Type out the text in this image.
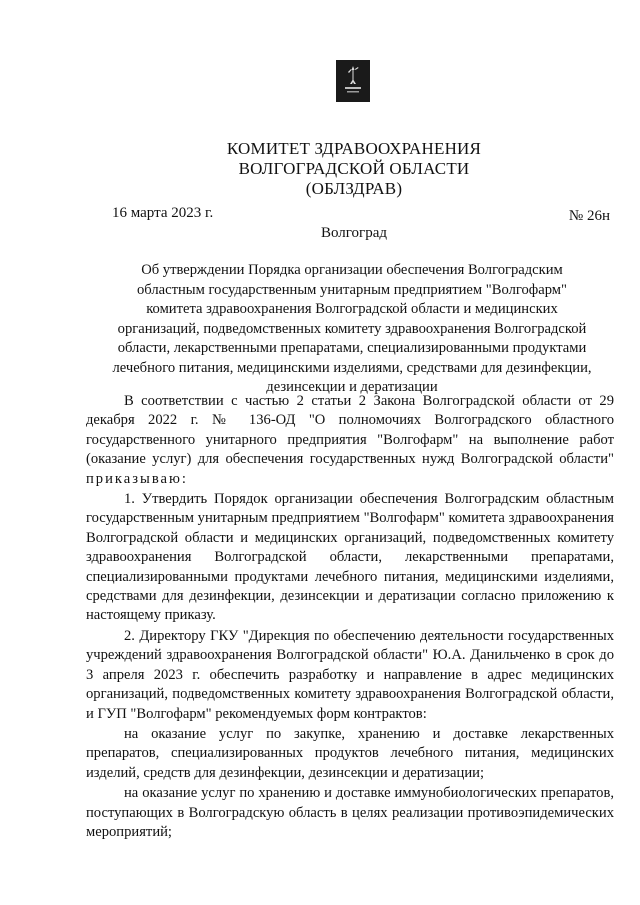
КОМИТЕТ ЗДРАВООХРАНЕНИЯ
ВОЛГОГРАДСКОЙ ОБЛАСТИ
(ОБЛЗДРАВ)
16 марта 2023 г.	№ 26н
Волгоград
Об утверждении Порядка организации обеспечения Волгоградским областным государственным унитарным предприятием "Волгофарм" комитета здравоохранения Волгоградской области и медицинских организаций, подведомственных комитету здравоохранения Волгоградской области, лекарственными препаратами, специализированными продуктами лечебного питания, медицинскими изделиями, средствами для дезинфекции, дезинсекции и дератизации

В соответствии с частью 2 статьи 2 Закона Волгоградской области от 29 декабря 2022 г. № 136-ОД "О полномочиях Волгоградского областного государственного унитарного предприятия "Волгофарм" на выполнение работ (оказание услуг) для обеспечения государственных нужд Волгоградской области" приказываю:

1. Утвердить Порядок организации обеспечения Волгоградским областным государственным унитарным предприятием "Волгофарм" комитета здравоохранения Волгоградской области и медицинских организаций, подведомственных комитету здравоохранения Волгоградской области, лекарственными препаратами, специализированными продуктами лечебного питания, медицинскими изделиями, средствами для дезинфекции, дезинсекции и дератизации согласно приложению к настоящему приказу.

2. Директору ГКУ "Дирекция по обеспечению деятельности государственных учреждений здравоохранения Волгоградской области" Ю.А. Данильченко в срок до 3 апреля 2023 г. обеспечить разработку и направление в адрес медицинских организаций, подведомственных комитету здравоохранения Волгоградской области, и ГУП "Волгофарм" рекомендуемых форм контрактов:

на оказание услуг по закупке, хранению и доставке лекарственных препаратов, специализированных продуктов лечебного питания, медицинских изделий, средств для дезинфекции, дезинсекции и дератизации;

на оказание услуг по хранению и доставке иммунобиологических препаратов, поступающих в Волгоградскую область в целях реализации противоэпидемических мероприятий;
